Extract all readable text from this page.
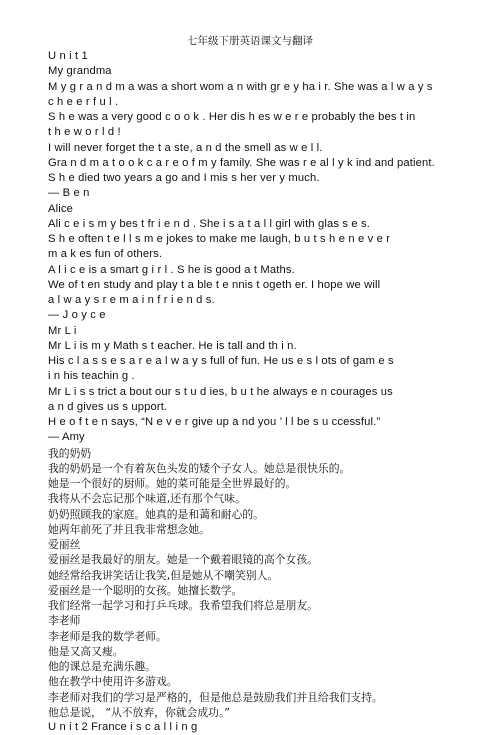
七年级下册英语课文与翻译
U n i t 1
My grandma
M y g r a n d m a was a short wom a n with gr e y ha i r. She was a l w a y s
c h e e r f u l .
S h e was a very good c o o k . Her dis h es w e r e probably the bes t in
t h e w o r l d !
I will never forget the t a ste, a n d the smell as w e l l.
Gra n d m a t o o k c a r e o f m y family. She was r e al l y k ind and patient.
S h e died two years a go and I mis s her ver y much.
— B e n
Alice
Ali c e i s m y bes t fr i e n d . She i s a t a l l girl with glas s e s.
S h e often t e l l s m e jokes to make me laugh, b u t s h e n e v e r
m a k es fun of others.
A l i c e is a smart g i r l . S he is good a t Maths.
We of t en study and play t a ble t e nnis t ogeth er. I hope we will
a l w a y s r e m a i n f r i e n d s.
— J o y c e
Mr L i
Mr L i is m y Math s t eacher. He is tall and th i n.
His c l a s s e s a r e a l w a y s full of fun. He us e s l ots of gam e s
i n his teachin g .
Mr L i s s trict a bout our s t u d ies, b u t he always e n courages us
a n d gives us s upport.
H e o f t e n says, “N e v e r give up a nd you ’ l l be s u ccessful.”
— Amy
我的奶奶
我的奶奶是一个有着灰色头发的矮个子女人。她总是很快乐的。
她是一个很好的厨师。她的菜可能是全世界最好的。
我将从不会忘记那个味道,还有那个气味。
奶奶照顾我的家庭。她真的是和蔼和耐心的。
她两年前死了并且我非常想念她。
爱丽丝
爱丽丝是我最好的朋友。她是一个戴着眼镜的高个女孩。
她经常给我讲笑话让我笑,但是她从不嘲笑别人。
爱丽丝是一个聪明的女孩。她擅长数学。
我们经常一起学习和打乒乓球。我希望我们将总是朋友。
李老师
李老师是我的数学老师。
他是又高又瘦。
他的课总是充满乐趣。
他在教学中使用许多游戏。
李老师对我们的学习是严格的，但是他总是鼓励我们并且给我们支持。
他总是说， “从不放弃，你就会成功。”
U n i t 2 France i s c a l l i n g
